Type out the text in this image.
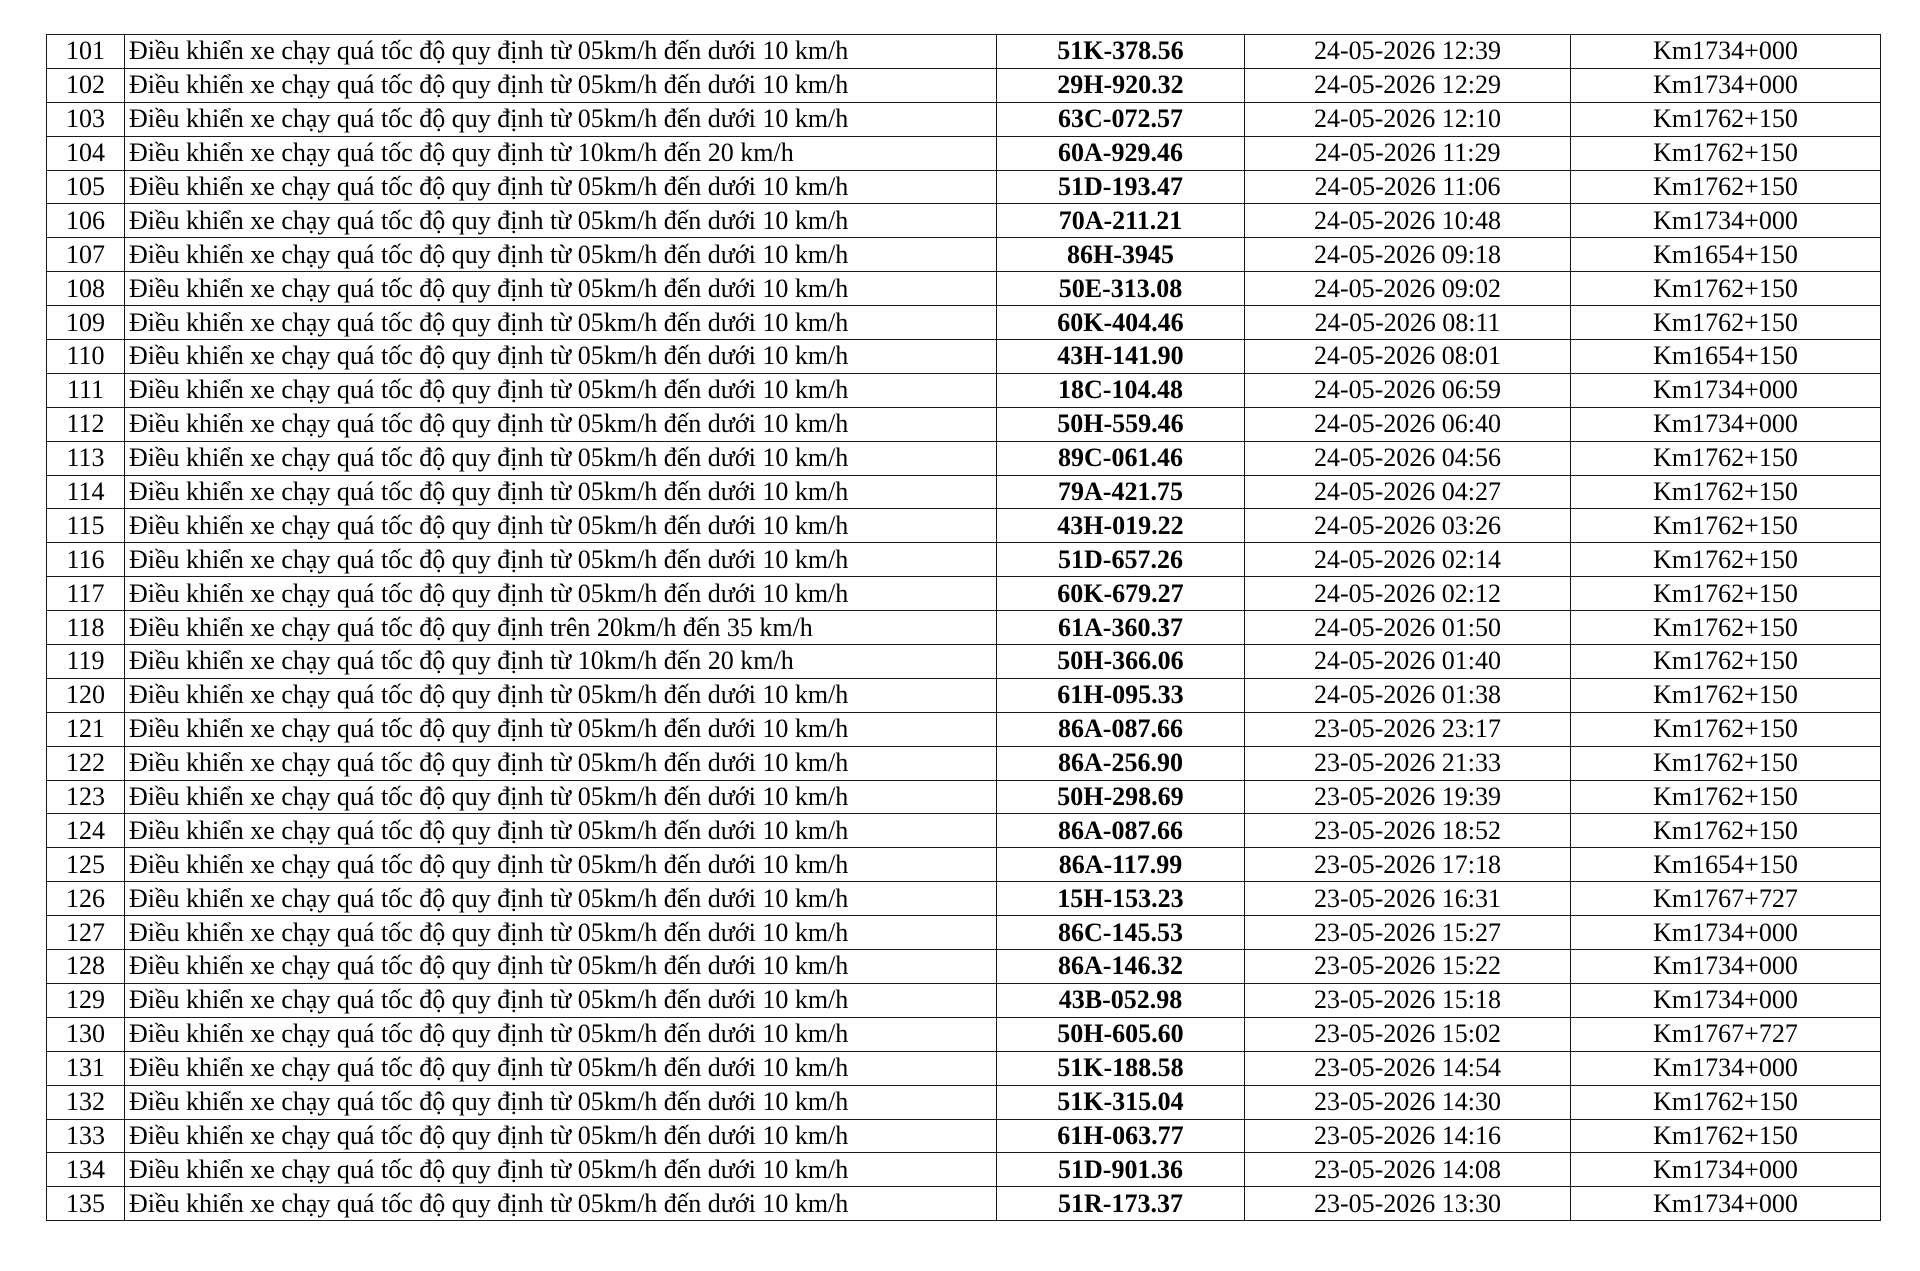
101	Điều khiển xe chạy quá tốc độ quy định từ 05km/h đến dưới 10 km/h	51K-378.56	24-05-2026 12:39	Km1734+000
102	Điều khiển xe chạy quá tốc độ quy định từ 05km/h đến dưới 10 km/h	29H-920.32	24-05-2026 12:29	Km1734+000
103	Điều khiển xe chạy quá tốc độ quy định từ 05km/h đến dưới 10 km/h	63C-072.57	24-05-2026 12:10	Km1762+150
104	Điều khiển xe chạy quá tốc độ quy định từ 10km/h đến 20 km/h	60A-929.46	24-05-2026 11:29	Km1762+150
105	Điều khiển xe chạy quá tốc độ quy định từ 05km/h đến dưới 10 km/h	51D-193.47	24-05-2026 11:06	Km1762+150
106	Điều khiển xe chạy quá tốc độ quy định từ 05km/h đến dưới 10 km/h	70A-211.21	24-05-2026 10:48	Km1734+000
107	Điều khiển xe chạy quá tốc độ quy định từ 05km/h đến dưới 10 km/h	86H-3945	24-05-2026 09:18	Km1654+150
108	Điều khiển xe chạy quá tốc độ quy định từ 05km/h đến dưới 10 km/h	50E-313.08	24-05-2026 09:02	Km1762+150
109	Điều khiển xe chạy quá tốc độ quy định từ 05km/h đến dưới 10 km/h	60K-404.46	24-05-2026 08:11	Km1762+150
110	Điều khiển xe chạy quá tốc độ quy định từ 05km/h đến dưới 10 km/h	43H-141.90	24-05-2026 08:01	Km1654+150
111	Điều khiển xe chạy quá tốc độ quy định từ 05km/h đến dưới 10 km/h	18C-104.48	24-05-2026 06:59	Km1734+000
112	Điều khiển xe chạy quá tốc độ quy định từ 05km/h đến dưới 10 km/h	50H-559.46	24-05-2026 06:40	Km1734+000
113	Điều khiển xe chạy quá tốc độ quy định từ 05km/h đến dưới 10 km/h	89C-061.46	24-05-2026 04:56	Km1762+150
114	Điều khiển xe chạy quá tốc độ quy định từ 05km/h đến dưới 10 km/h	79A-421.75	24-05-2026 04:27	Km1762+150
115	Điều khiển xe chạy quá tốc độ quy định từ 05km/h đến dưới 10 km/h	43H-019.22	24-05-2026 03:26	Km1762+150
116	Điều khiển xe chạy quá tốc độ quy định từ 05km/h đến dưới 10 km/h	51D-657.26	24-05-2026 02:14	Km1762+150
117	Điều khiển xe chạy quá tốc độ quy định từ 05km/h đến dưới 10 km/h	60K-679.27	24-05-2026 02:12	Km1762+150
118	Điều khiển xe chạy quá tốc độ quy định trên 20km/h đến 35 km/h	61A-360.37	24-05-2026 01:50	Km1762+150
119	Điều khiển xe chạy quá tốc độ quy định từ 10km/h đến 20 km/h	50H-366.06	24-05-2026 01:40	Km1762+150
120	Điều khiển xe chạy quá tốc độ quy định từ 05km/h đến dưới 10 km/h	61H-095.33	24-05-2026 01:38	Km1762+150
121	Điều khiển xe chạy quá tốc độ quy định từ 05km/h đến dưới 10 km/h	86A-087.66	23-05-2026 23:17	Km1762+150
122	Điều khiển xe chạy quá tốc độ quy định từ 05km/h đến dưới 10 km/h	86A-256.90	23-05-2026 21:33	Km1762+150
123	Điều khiển xe chạy quá tốc độ quy định từ 05km/h đến dưới 10 km/h	50H-298.69	23-05-2026 19:39	Km1762+150
124	Điều khiển xe chạy quá tốc độ quy định từ 05km/h đến dưới 10 km/h	86A-087.66	23-05-2026 18:52	Km1762+150
125	Điều khiển xe chạy quá tốc độ quy định từ 05km/h đến dưới 10 km/h	86A-117.99	23-05-2026 17:18	Km1654+150
126	Điều khiển xe chạy quá tốc độ quy định từ 05km/h đến dưới 10 km/h	15H-153.23	23-05-2026 16:31	Km1767+727
127	Điều khiển xe chạy quá tốc độ quy định từ 05km/h đến dưới 10 km/h	86C-145.53	23-05-2026 15:27	Km1734+000
128	Điều khiển xe chạy quá tốc độ quy định từ 05km/h đến dưới 10 km/h	86A-146.32	23-05-2026 15:22	Km1734+000
129	Điều khiển xe chạy quá tốc độ quy định từ 05km/h đến dưới 10 km/h	43B-052.98	23-05-2026 15:18	Km1734+000
130	Điều khiển xe chạy quá tốc độ quy định từ 05km/h đến dưới 10 km/h	50H-605.60	23-05-2026 15:02	Km1767+727
131	Điều khiển xe chạy quá tốc độ quy định từ 05km/h đến dưới 10 km/h	51K-188.58	23-05-2026 14:54	Km1734+000
132	Điều khiển xe chạy quá tốc độ quy định từ 05km/h đến dưới 10 km/h	51K-315.04	23-05-2026 14:30	Km1762+150
133	Điều khiển xe chạy quá tốc độ quy định từ 05km/h đến dưới 10 km/h	61H-063.77	23-05-2026 14:16	Km1762+150
134	Điều khiển xe chạy quá tốc độ quy định từ 05km/h đến dưới 10 km/h	51D-901.36	23-05-2026 14:08	Km1734+000
135	Điều khiển xe chạy quá tốc độ quy định từ 05km/h đến dưới 10 km/h	51R-173.37	23-05-2026 13:30	Km1734+000
